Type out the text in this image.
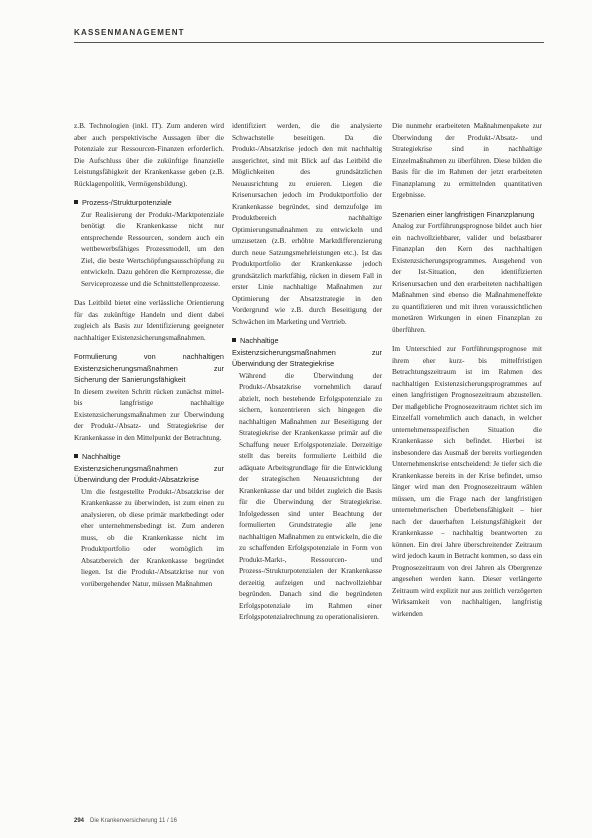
KASSENMANAGEMENT

z.B. Technologien (inkl. IT). Zum anderen wird aber auch perspektivische Aussagen über die Potenziale zur Ressourcen-Finanzen erforderlich. Die Aufschluss über die zukünftige finanzielle Leistungsfähigkeit der Krankenkasse geben (z.B. Rücklagenpolitik, Vermögensbildung).

Prozess-/Strukturpotenziale
Zur Realisierung der Produkt-/Marktpotenziale benötigt die Krankenkasse nicht nur entsprechende Ressourcen, sondern auch ein wettbewerbsfähiges Prozessmodell, um den Ziel, die beste Wertschöpfungsausschöpfung zu entwickeln. Dazu gehören die Kernprozesse, die Serviceprozesse und die Schnittstellenprozesse.

Das Leitbild bietet eine verlässliche Orientierung für das zukünftige Handeln und dient dabei zugleich als Basis zur Identifizierung geeigneter nachhaltiger Existenzsicherungsmaßnahmen.

Formulierung von nachhaltigen Existenzsicherungsmaßnahmen zur Sicherung der Sanierungsfähigkeit

In diesem zweiten Schritt rücken zunächst mittel- bis langfristige nachhaltige Existenzsicherungsmaßnahmen zur Überwindung der Produkt-/Absatz- und Strategiekrise der Krankenkasse in den Mittelpunkt der Betrachtung.

Nachhaltige Existenzsicherungsmaßnahmen zur Überwindung der Produkt-/Absatzkrise
Um die festgestellte Produkt-/Absatzkrise der Krankenkasse zu überwinden, ist zum einen zu analysieren, ob diese primär marktbedingt oder eher unternehmensbedingt ist. Zum anderen muss, ob die Krankenkasse nicht im Produktportfolio oder womöglich im Absatzbereich der Krankenkasse begründet liegen. Ist die Produkt-/Absatzkrise nur von vorübergehender Natur, müssen Maßnahmen

identifiziert werden, die die analysierte Schwachstelle beseitigen. Da die Produkt-/Absatzkrise jedoch den mit nachhaltig ausgerichtet, sind mit Blick auf das Leitbild die Möglichkeiten des grundsätzlichen Neuausrichtung zu eruieren. Liegen die Krisenursachen jedoch im Produktportfolio der Krankenkasse begründet, sind demzufolge im Produktbereich nachhaltige Optimierungsmaßnahmen zu entwickeln und umzusetzen (z.B. erhöhte Marktdifferenzierung durch neue Satzungsmehrleistungen etc.). Ist das Produktportfolio der Krankenkasse jedoch grundsätzlich marktfähig, rücken in diesem Fall in erster Linie nachhaltige Maßnahmen zur Optimierung der Absatzstrategie in den Vordergrund wie z.B. durch Beseitigung der Schwächen im Marketing und Vertrieb.

Nachhaltige Existenzsicherungsmaßnahmen zur Überwindung der Strategiekrise
Während die Überwindung der Produkt-/Absatzkrise vornehmlich darauf abzielt, noch bestehende Erfolgspotenziale zu sichern, konzentrieren sich hingegen die nachhaltigen Maßnahmen zur Beseitigung der Strategiekrise der Krankenkasse primär auf die Schaffung neuer Erfolgspotenziale. Derzeitige stellt das bereits formulierte Leitbild die adäquate Arbeitsgrundlage für die Entwicklung der strategischen Neuausrichtung der Krankenkasse dar und bildet zugleich die Basis für die Überwindung der Strategiekrise. Infolgedessen sind unter Beachtung der formulierten Grundstrategie alle jene nachhaltigen Maßnahmen zu entwickeln, die die zu schaffenden Erfolgspotenziale in Form von Produkt-Markt-, Ressourcen- und Prozess-/Strukturpotenzialen der Krankenkasse derzeitig aufzeigen und nachvollziehbar begründen. Danach sind die begründeten Erfolgspotenziale im Rahmen einer Erfolgspotenzialrechnung zu operationalisieren.

Die nunmehr erarbeiteten Maßnahmenpakete zur Überwindung der Produkt-/Absatz- und Strategiekrise sind in nachhaltige Einzelmaßnahmen zu überführen. Diese bilden die Basis für die im Rahmen der jetzt erarbeiteten Finanzplanung zu ermittelnden quantitativen Ergebnisse.

Szenarien einer langfristigen Finanzplanung

Analog zur Fortführungsprognose bildet auch hier ein nachvollziehbarer, valider und belastbarer Finanzplan den Kern des nachhaltigen Existenzsicherungsprogrammes. Ausgehend von der Ist-Situation, den identifizierten Krisenursachen und den erarbeiteten nachhaltigen Maßnahmen sind ebenso die Maßnahmeneffekte zu quantifizieren und mit ihren voraussichtlichen monetären Wirkungen in einen Finanzplan zu überführen.

Im Unterschied zur Fortführungsprognose mit ihrem eher kurz- bis mittelfristigen Betrachtungszeitraum ist im Rahmen des nachhaltigen Existenzsicherungsprogrammes auf einen langfristigen Prognosezeitraum abzustellen. Der maßgebliche Prognosezeitraum richtet sich im Einzelfall vornehmlich auch danach, in welcher unternehmensspezifischen Situation die Krankenkasse sich befindet. Hierbei ist insbesondere das Ausmaß der bereits vorliegenden Unternehmenskrise entscheidend: Je tiefer sich die Krankenkasse bereits in der Krise befindet, umso länger wird man den Prognosezeitraum wählen müssen, um die Frage nach der langfristigen unternehmerischen Überlebensfähigkeit – hier nach der dauerhaften Leistungsfähigkeit der Krankenkasse – nachhaltig beantworten zu können. Ein drei Jahre überschreitender Zeitraum wird jedoch kaum in Betracht kommen, so dass ein Prognosezeitraum von drei Jahren als Obergrenze angesehen werden kann. Dieser verlängerte Zeitraum wird explizit nur aus zeitlich verzögerten Wirksamkeit von nachhaltigen, langfristig wirkenden

294 Die Krankenversicherung 11 / 16
